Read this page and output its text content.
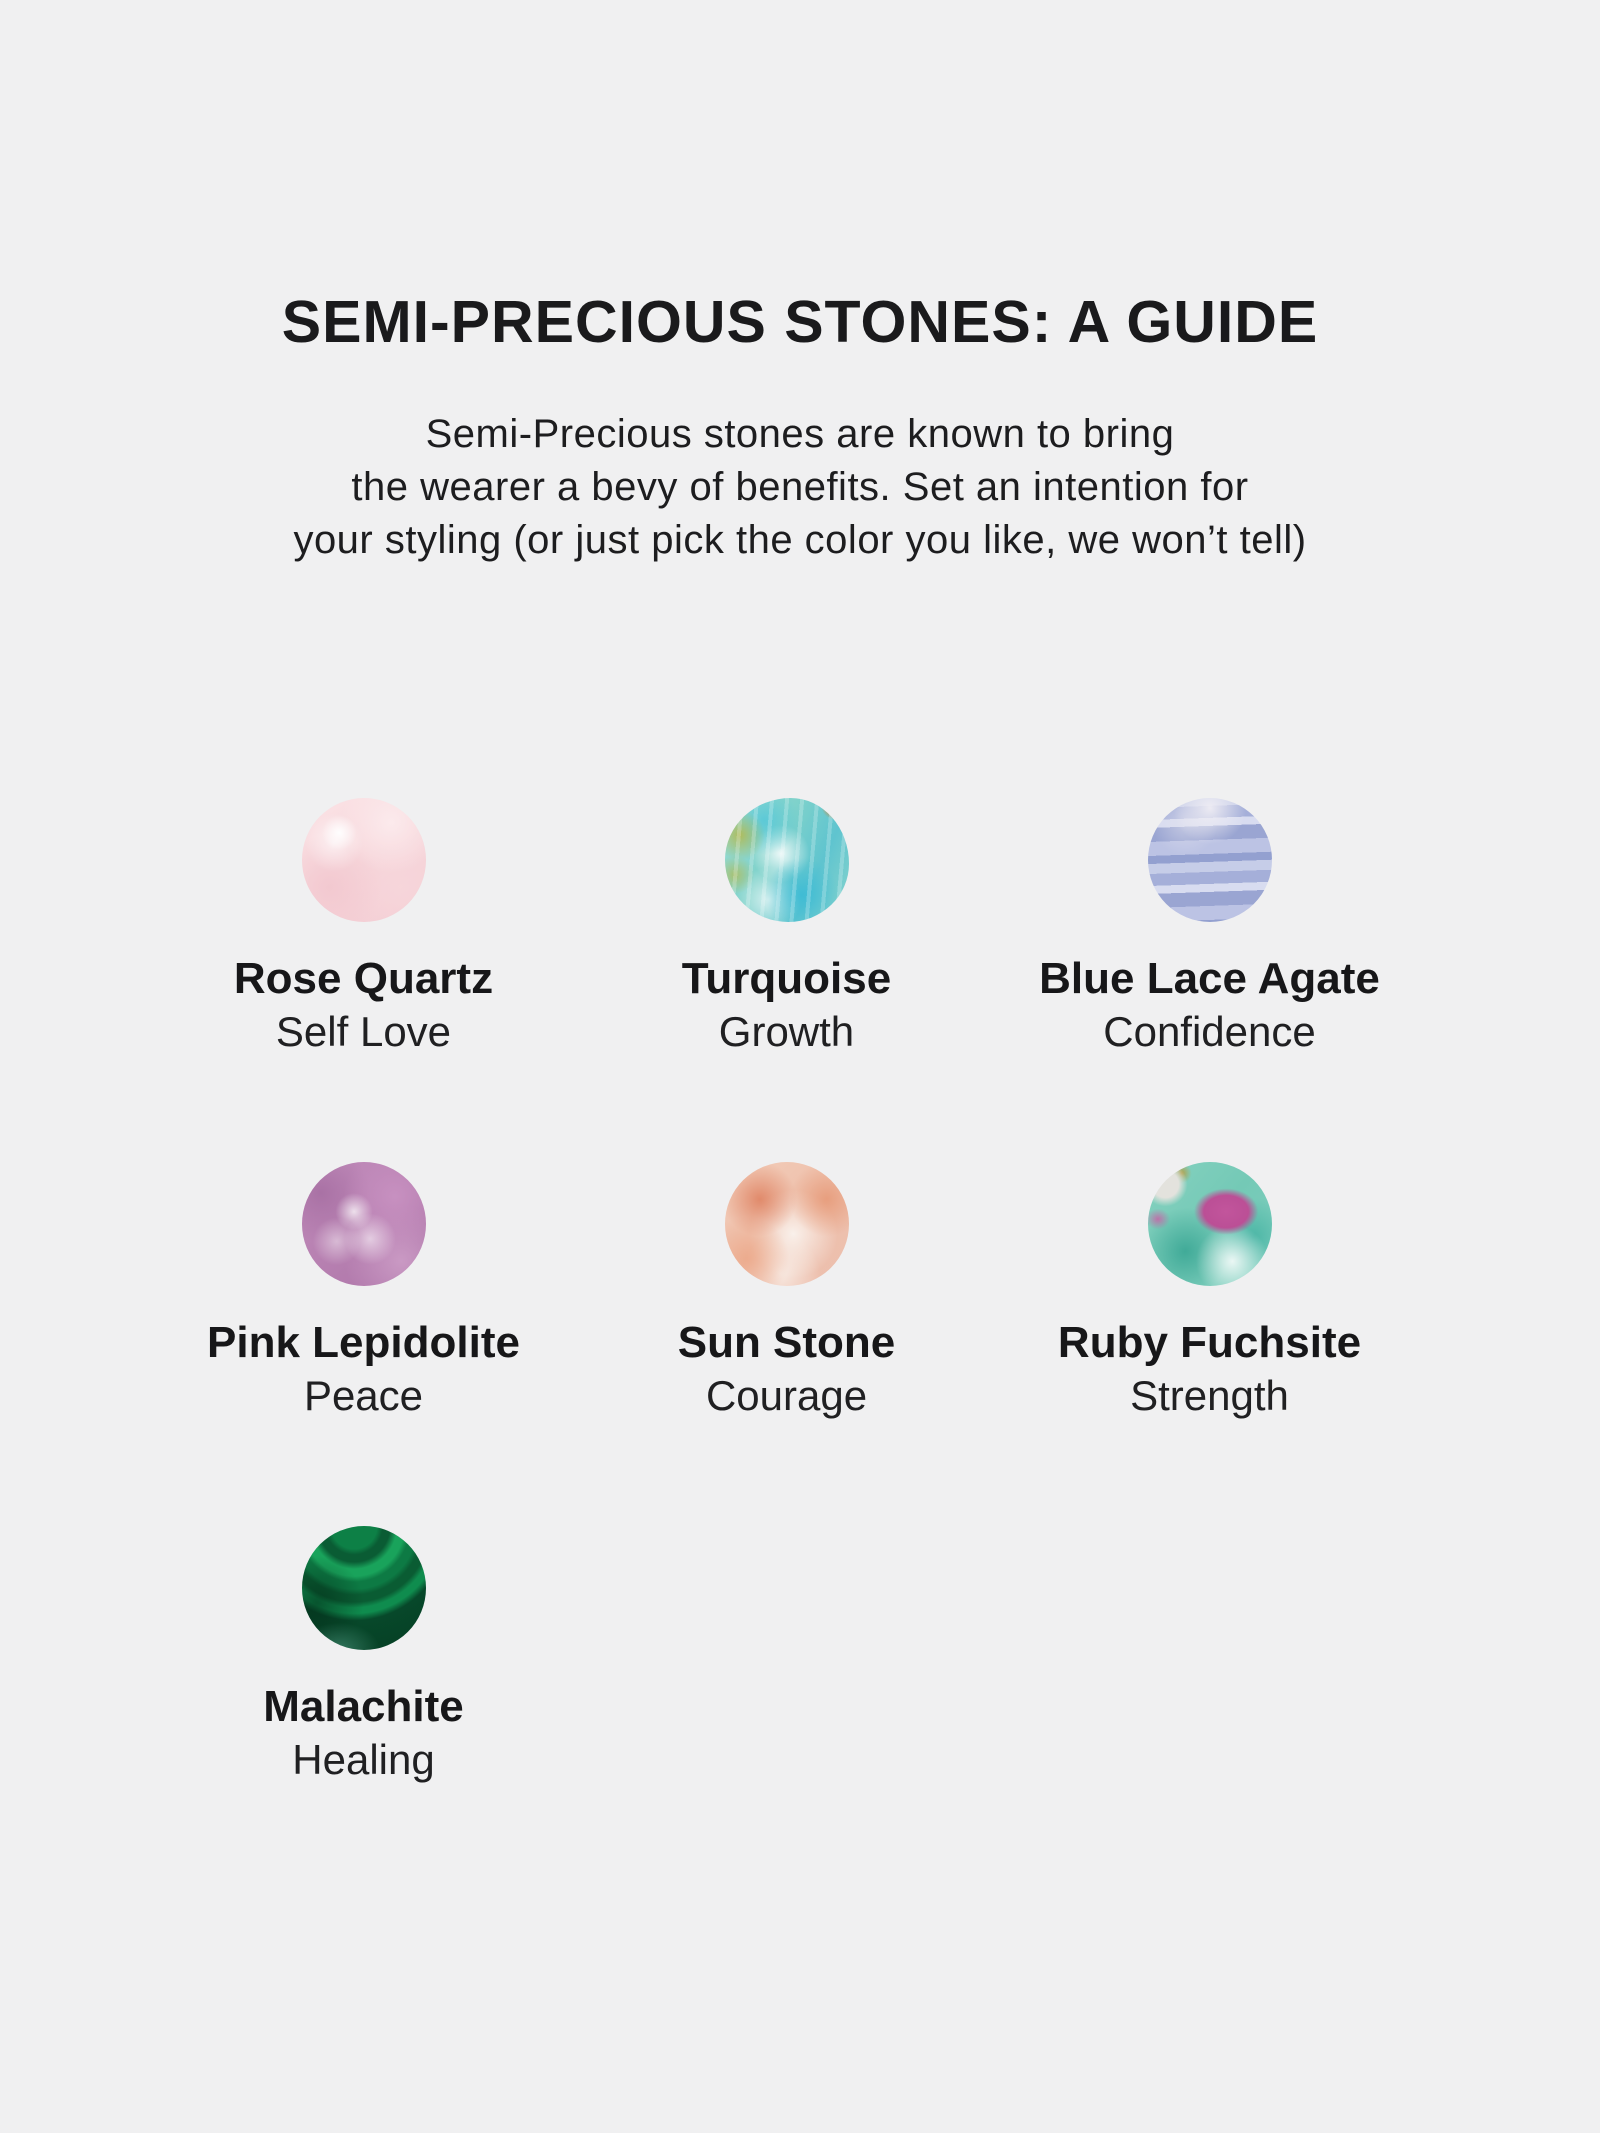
SEMI-PRECIOUS STONES: A GUIDE
Semi-Precious stones are known to bring
the wearer a bevy of benefits. Set an intention for
your styling (or just pick the color you like, we won’t tell)
Rose Quartz
Self Love
Turquoise
Growth
Blue Lace Agate
Confidence
Pink Lepidolite
Peace
Sun Stone
Courage
Ruby Fuchsite
Strength
Malachite
Healing
